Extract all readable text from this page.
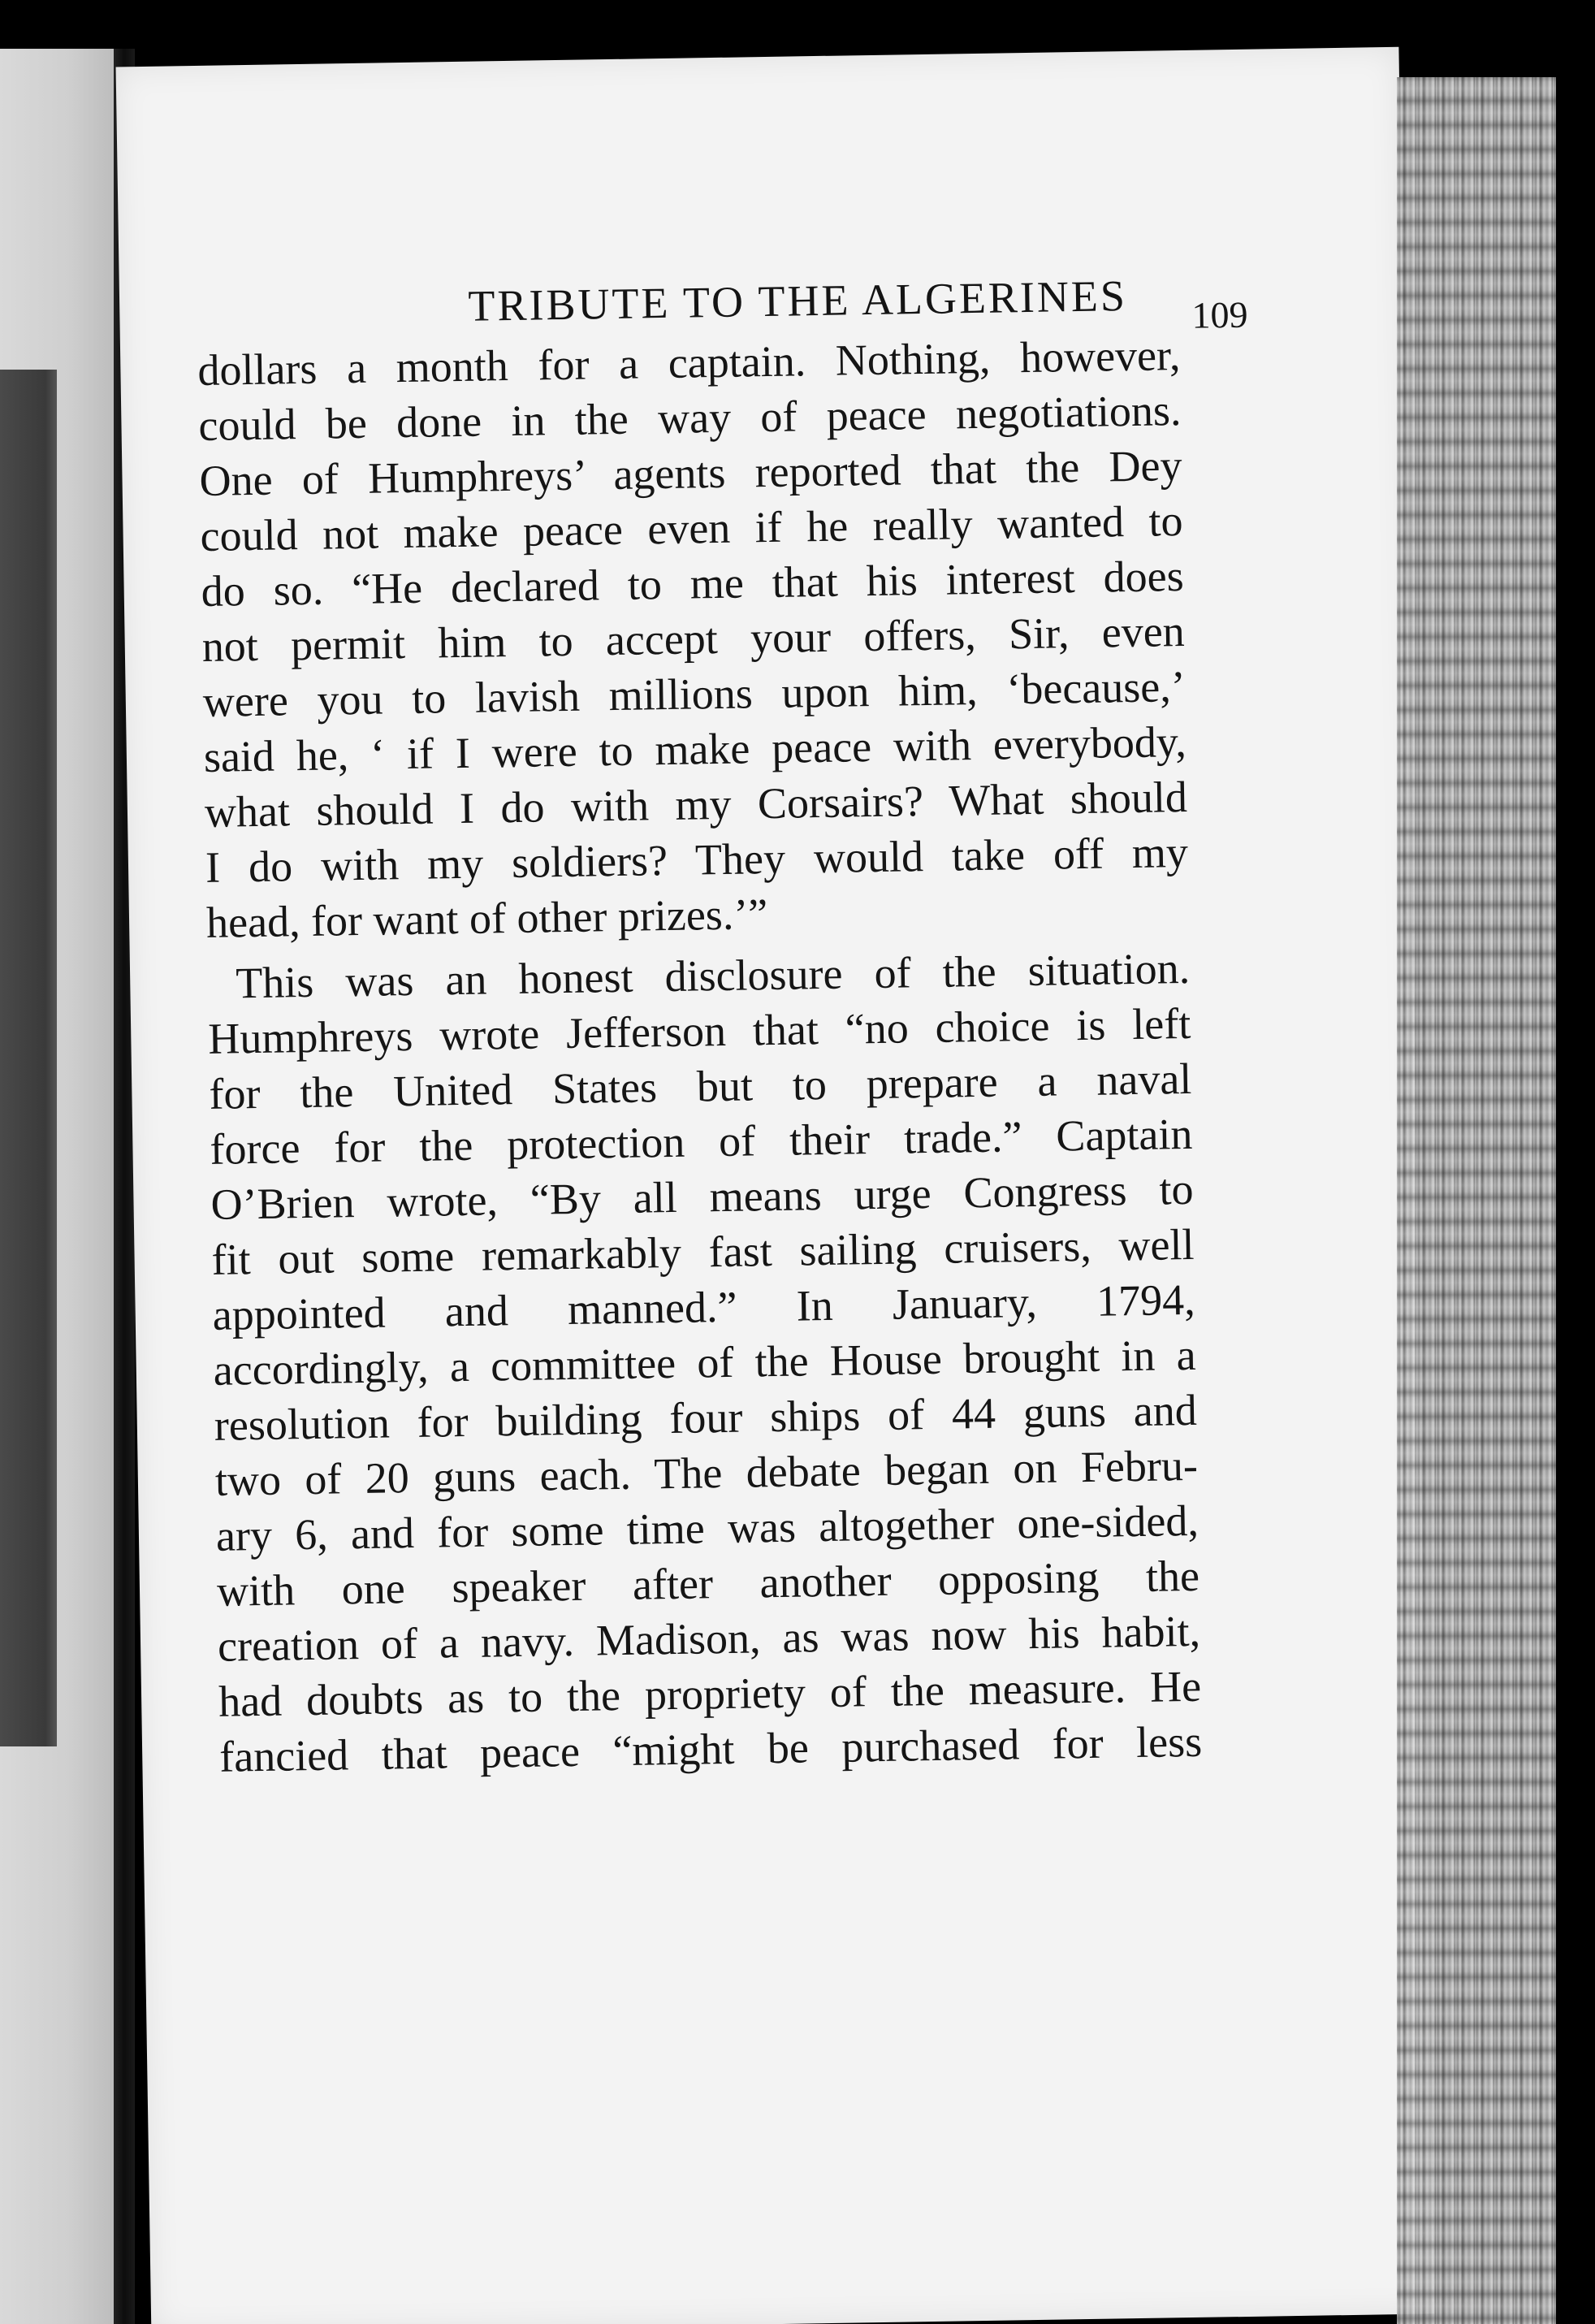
TRIBUTE TO THE ALGERINES	109
dollars a month for a captain. Nothing, however,
could be done in the way of peace negotiations.
One of Humphreys’ agents reported that the Dey
could not make peace even if he really wanted to
do so. “He declared to me that his interest does
not permit him to accept your offers, Sir, even
were you to lavish millions upon him, ‘because,’
said he, ‘ if I were to make peace with everybody,
what should I do with my Corsairs? What should
I do with my soldiers? They would take off my
head, for want of other prizes.’”
This was an honest disclosure of the situation.
Humphreys wrote Jefferson that “no choice is left
for the United States but to prepare a naval
force for the protection of their trade.” Captain
O’Brien wrote, “By all means urge Congress to
fit out some remarkably fast sailing cruisers, well
appointed and manned.” In January, 1794,
accordingly, a committee of the House brought in a
resolution for building four ships of 44 guns and
two of 20 guns each. The debate began on Febru-
ary 6, and for some time was altogether one-sided,
with one speaker after another opposing the
creation of a navy. Madison, as was now his habit,
had doubts as to the propriety of the measure. He
fancied that peace “might be purchased for less
